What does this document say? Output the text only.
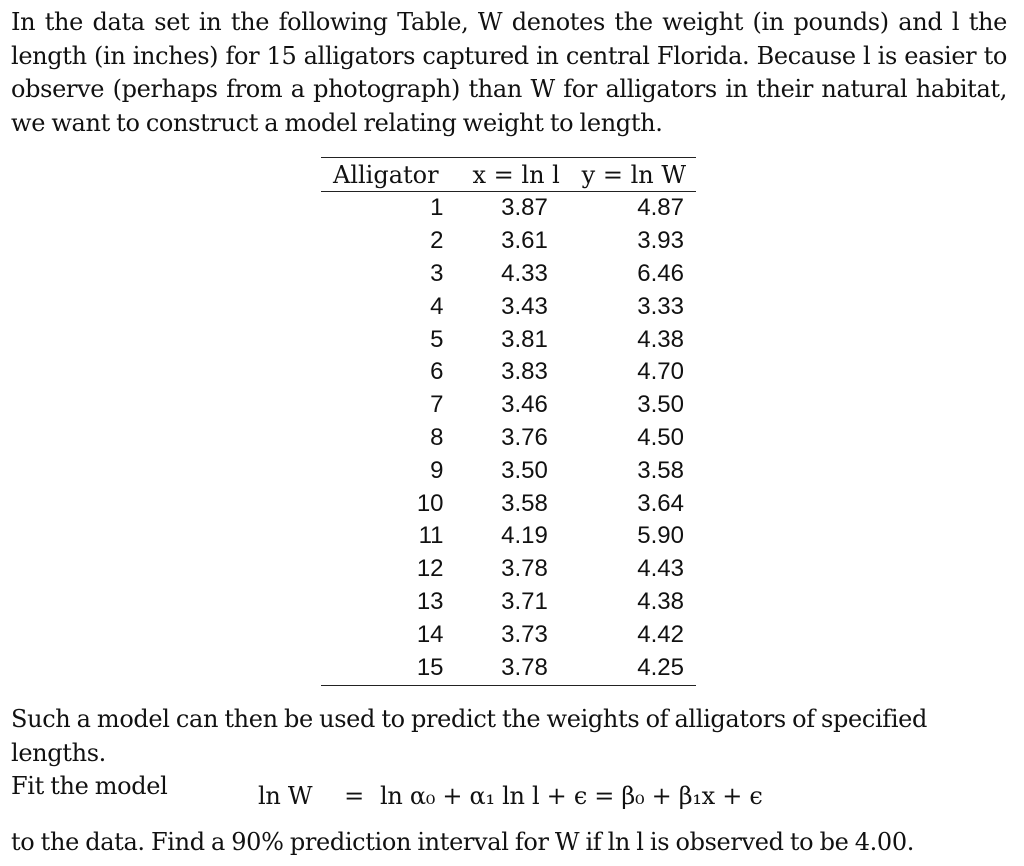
In the data set in the following Table, W denotes the weight (in pounds) and l the
length (in inches) for 15 alligators captured in central Florida. Because l is easier to
observe (perhaps from a photograph) than W for alligators in their natural habitat,
we want to construct a model relating weight to length.

Alligator	x = ln l	y = ln W
1	3.87	4.87
2	3.61	3.93
3	4.33	6.46
4	3.43	3.33
5	3.81	4.38
6	3.83	4.70
7	3.46	3.50
8	3.76	4.50
9	3.50	3.58
10	3.58	3.64
11	4.19	5.90
12	3.78	4.43
13	3.71	4.38
14	3.73	4.42
15	3.78	4.25

Such a model can then be used to predict the weights of alligators of specified lengths.
Fit the model	ln W = ln α₀ + α₁ ln l + ϵ = β₀ + β₁x + ϵ

to the data. Find a 90% prediction interval for W if ln l is observed to be 4.00.
